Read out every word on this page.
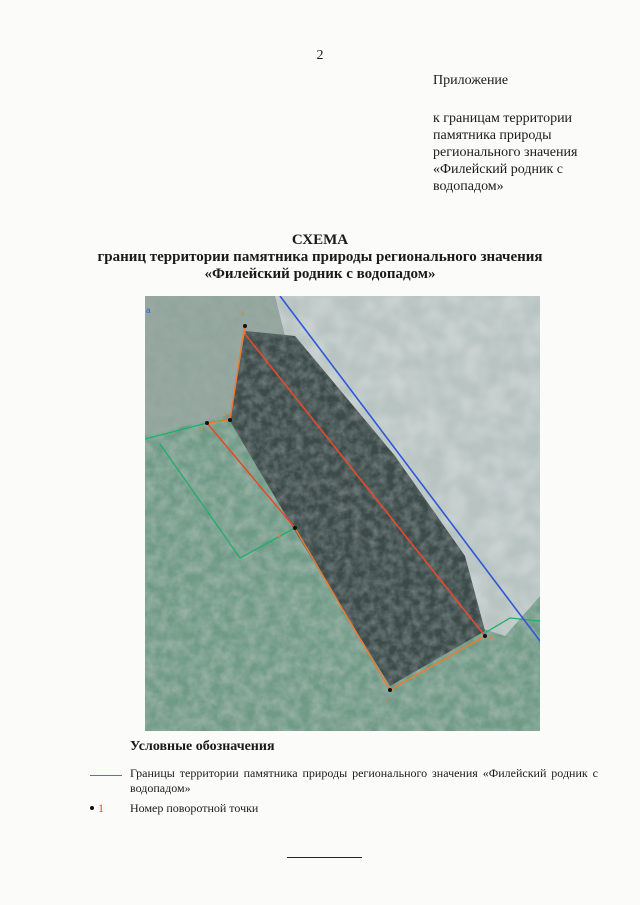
2
Приложение
к границам территории
памятника природы
регионального значения
«Филейский родник с
водопадом»
СХЕМА
границ территории памятника природы регионального значения
«Филейский родник с водопадом»
а	4
3
4
4
а
4
Условные обозначения
Границы территории памятника природы регионального значения «Филейский родник с водопадом»
1 Номер поворотной точки
